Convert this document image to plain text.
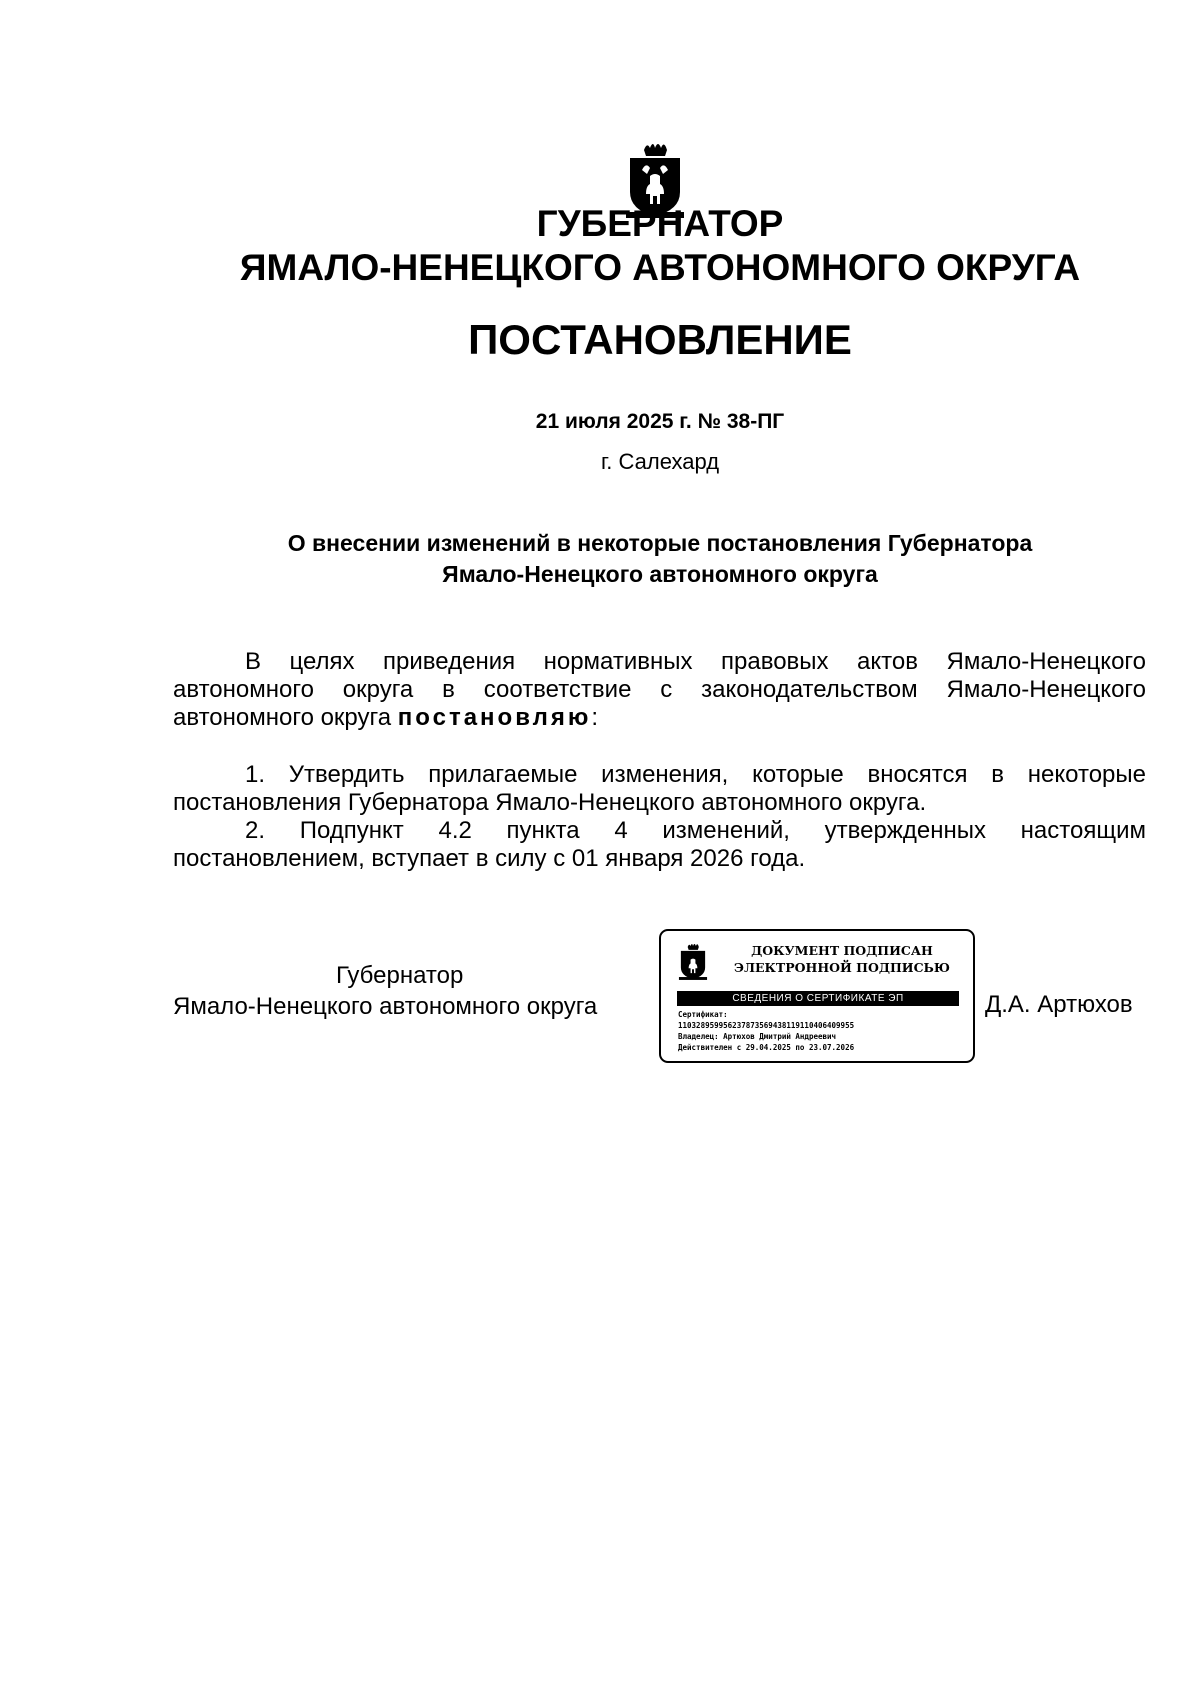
ГУБЕРНАТОР
ЯМАЛО-НЕНЕЦКОГО АВТОНОМНОГО ОКРУГА
ПОСТАНОВЛЕНИЕ
21 июля 2025 г. № 38-ПГ
г. Салехард
О внесении изменений в некоторые постановления Губернатора
Ямало-Ненецкого автономного округа

В целях приведения нормативных правовых актов Ямало-Ненецкого автономного округа в соответствие с законодательством Ямало-Ненецкого автономного округа постановляю:

1. Утвердить прилагаемые изменения, которые вносятся в некоторые постановления Губернатора Ямало-Ненецкого автономного округа.

2. Подпункт 4.2 пункта 4 изменений, утвержденных настоящим постановлением, вступает в силу с 01 января 2026 года.

Губернатор
Ямало-Ненецкого автономного округа
ДОКУМЕНТ ПОДПИСАН
ЭЛЕКТРОННОЙ ПОДПИСЬЮ
СВЕДЕНИЯ О СЕРТИФИКАТЕ ЭП
Сертификат:
110328959956237873569438119110406409955
Владелец: Артюхов Дмитрий Андреевич
Действителен с 29.04.2025 по 23.07.2026
Д.А. Артюхов
